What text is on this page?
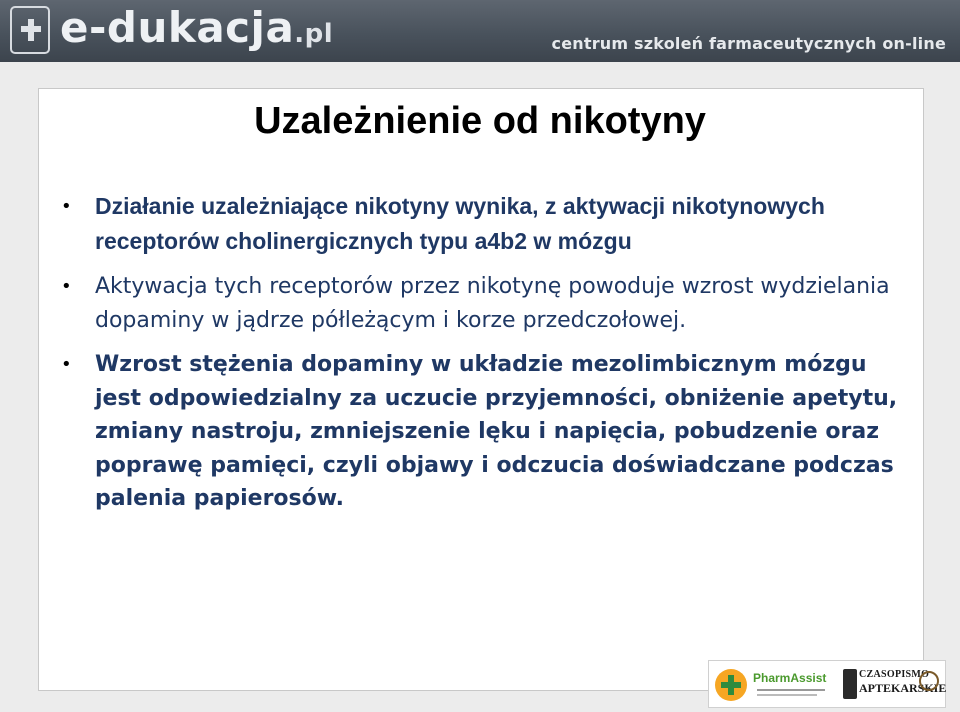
e-dukacja.pl	centrum szkoleń farmaceutycznych on-line
Uzależnienie od nikotyny
• Działanie uzależniające nikotyny wynika, z aktywacji nikotynowych receptorów cholinergicznych typu a4b2 w mózgu
• Aktywacja tych receptorów przez nikotynę powoduje wzrost wydzielania dopaminy w jądrze półleżącym i korze przedczołowej.
• Wzrost stężenia dopaminy w układzie mezolimbicznym mózgu jest odpowiedzialny za uczucie przyjemności, obniżenie apetytu, zmiany nastroju, zmniejszenie lęku i napięcia, pobudzenie oraz poprawę pamięci, czyli objawy i odczucia doświadczane podczas palenia papierosów.
PharmAssist	CZASOPISMO
APTEKARSKIE
